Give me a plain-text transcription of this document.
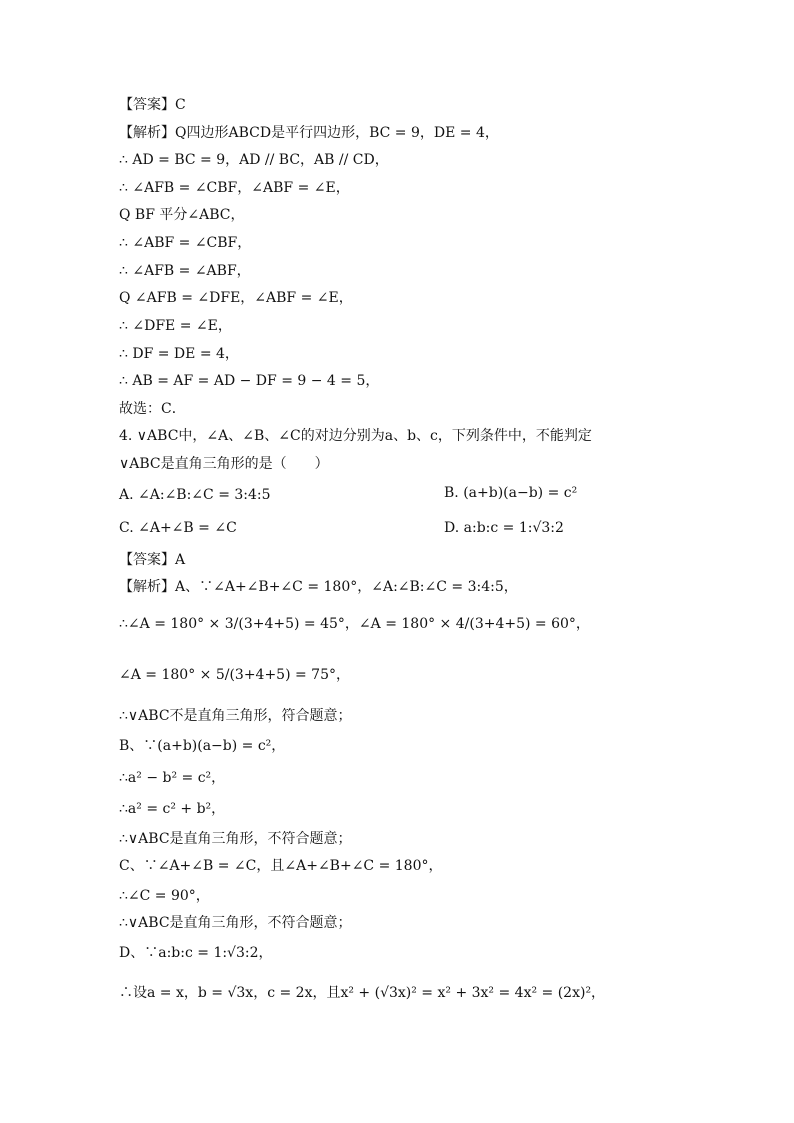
【答案】C
【解析】Q四边形ABCD是平行四边形，BC = 9，DE = 4，
∴ AD = BC = 9，AD // BC，AB // CD，
∴ ∠AFB = ∠CBF，∠ABF = ∠E，
Q BF 平分∠ABC，
∴ ∠ABF = ∠CBF，
∴ ∠AFB = ∠ABF，
Q ∠AFB = ∠DFE，∠ABF = ∠E，
∴ ∠DFE = ∠E，
∴ DF = DE = 4，
∴ AB = AF = AD − DF = 9 − 4 = 5，
故选：C．
4. ∨ABC中，∠A、∠B、∠C的对边分别为a、b、c，下列条件中，不能判定
∨ABC是直角三角形的是（　　）
A. ∠A:∠B:∠C = 3:4:5	B. (a+b)(a−b) = c²
C. ∠A+∠B = ∠C	D. a:b:c = 1:√3:2
【答案】A
【解析】A、∵∠A+∠B+∠C = 180°，∠A:∠B:∠C = 3:4:5，
∴∠A = 180° × 3/(3+4+5) = 45°，∠A = 180° × 4/(3+4+5) = 60°，
∠A = 180° × 5/(3+4+5) = 75°，
∴∨ABC不是直角三角形，符合题意；
B、∵(a+b)(a−b) = c²，
∴a² − b² = c²，
∴a² = c² + b²，
∴∨ABC是直角三角形，不符合题意；
C、∵∠A+∠B = ∠C，且∠A+∠B+∠C = 180°，
∴∠C = 90°，
∴∨ABC是直角三角形，不符合题意；
D、∵a:b:c = 1:√3:2，
∴设a = x，b = √3x，c = 2x，且x² + (√3x)² = x² + 3x² = 4x² = (2x)²，
